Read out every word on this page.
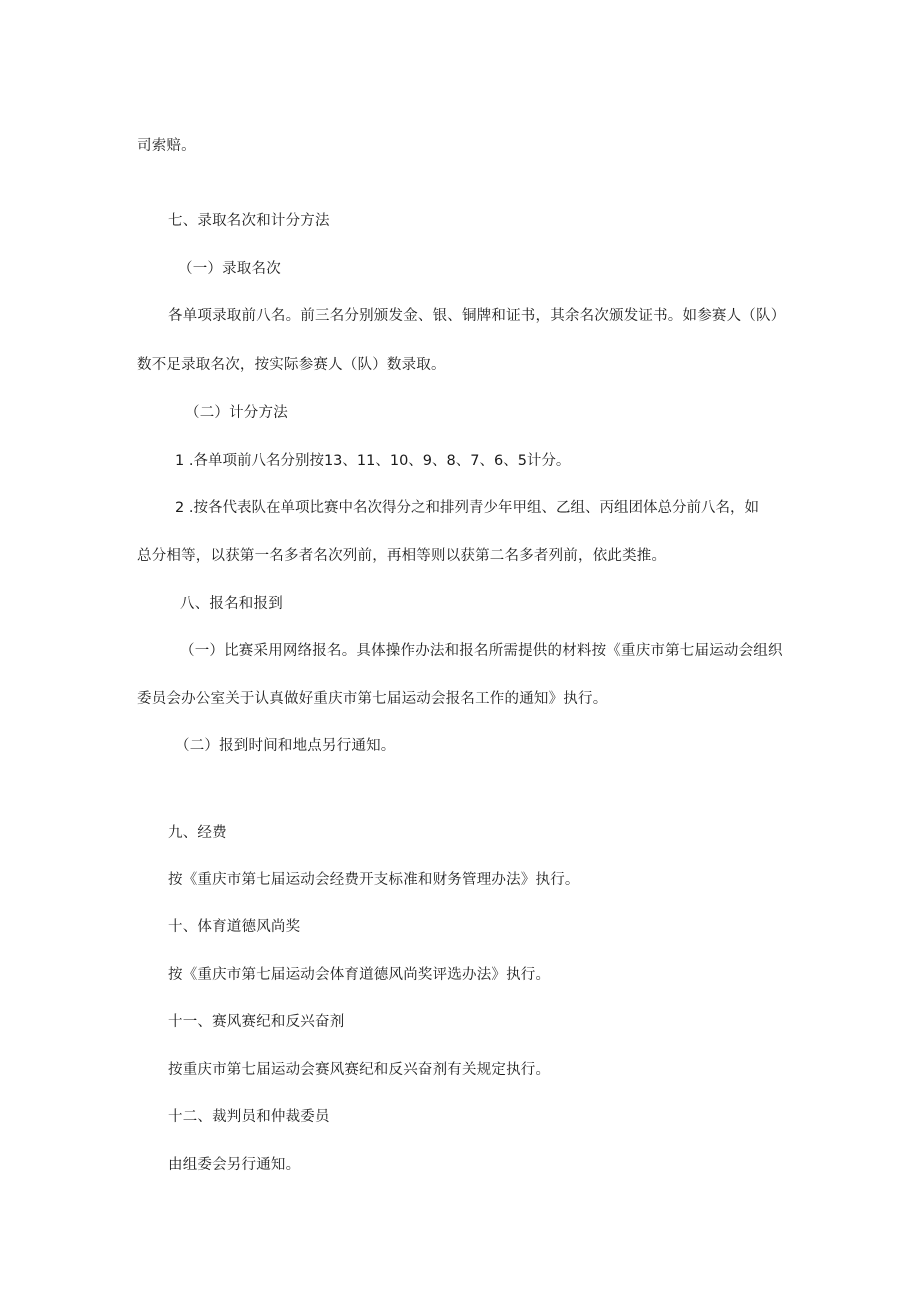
司索赔。
七、录取名次和计分方法
（一）录取名次
各单项录取前八名。前三名分别颁发金、银、铜牌和证书，其余名次颁发证书。如参赛人（队）
数不足录取名次，按实际参赛人（队）数录取。
（二）计分方法
1 .各单项前八名分别按13、11、10、9、8、7、6、5计分。
2 .按各代表队在单项比赛中名次得分之和排列青少年甲组、乙组、丙组团体总分前八名，如
总分相等，以获第一名多者名次列前，再相等则以获第二名多者列前，依此类推。
八、报名和报到
（一）比赛采用网络报名。具体操作办法和报名所需提供的材料按《重庆市第七届运动会组织
委员会办公室关于认真做好重庆市第七届运动会报名工作的通知》执行。
（二）报到时间和地点另行通知。
九、经费
按《重庆市第七届运动会经费开支标准和财务管理办法》执行。
十、体育道德风尚奖
按《重庆市第七届运动会体育道德风尚奖评选办法》执行。
十一、赛风赛纪和反兴奋剂
按重庆市第七届运动会赛风赛纪和反兴奋剂有关规定执行。
十二、裁判员和仲裁委员
由组委会另行通知。
